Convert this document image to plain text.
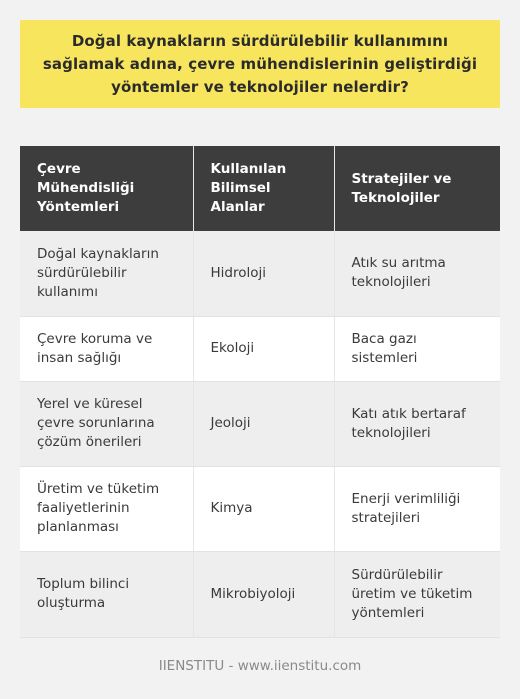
Doğal kaynakların sürdürülebilir kullanımını sağlamak adına, çevre mühendislerinin geliştirdiği yöntemler ve teknolojiler nelerdir?
Çevre Mühendisliği Yöntemleri	Kullanılan Bilimsel Alanlar	Stratejiler ve Teknolojiler
Doğal kaynakların sürdürülebilir kullanımı	Hidroloji	Atık su arıtma teknolojileri
Çevre koruma ve insan sağlığı	Ekoloji	Baca gazı sistemleri
Yerel ve küresel çevre sorunlarına çözüm önerileri	Jeoloji	Katı atık bertaraf teknolojileri
Üretim ve tüketim faaliyetlerinin planlanması	Kimya	Enerji verimliliği stratejileri
Toplum bilinci oluşturma	Mikrobiyoloji	Sürdürülebilir üretim ve tüketim yöntemleri
IIENSTITU - www.iienstitu.com
